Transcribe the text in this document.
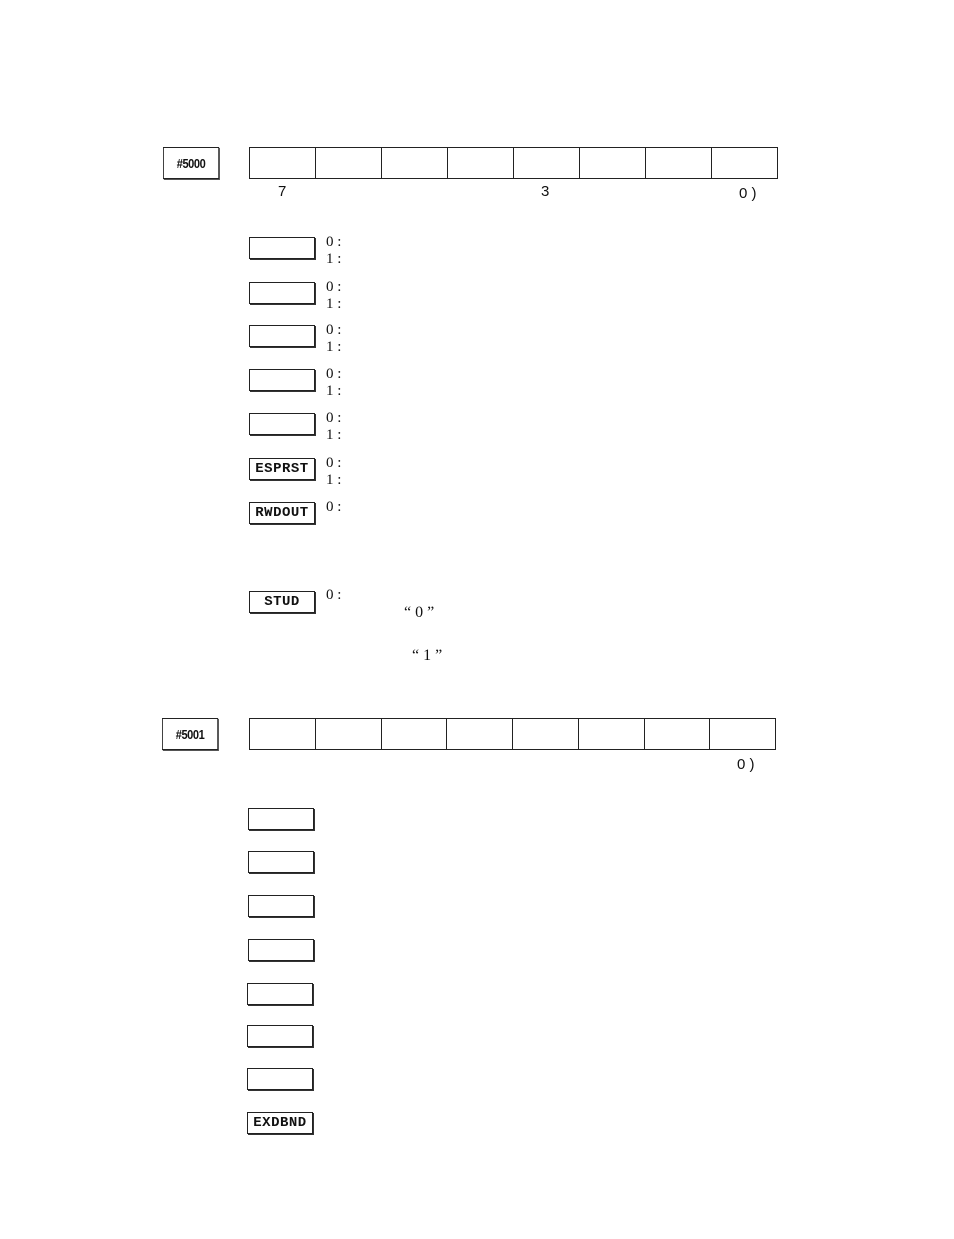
#5000
7	3	0 )
0 :
1 :
0 :
1 :
0 :
1 :
0 :
1 :
0 :
1 :
ESPRST 0 :
1 :
RWDOUT 0 :
STUD 0 :
“ 0 ”
“ 1 ”
#5001
0 )
EXDBND
